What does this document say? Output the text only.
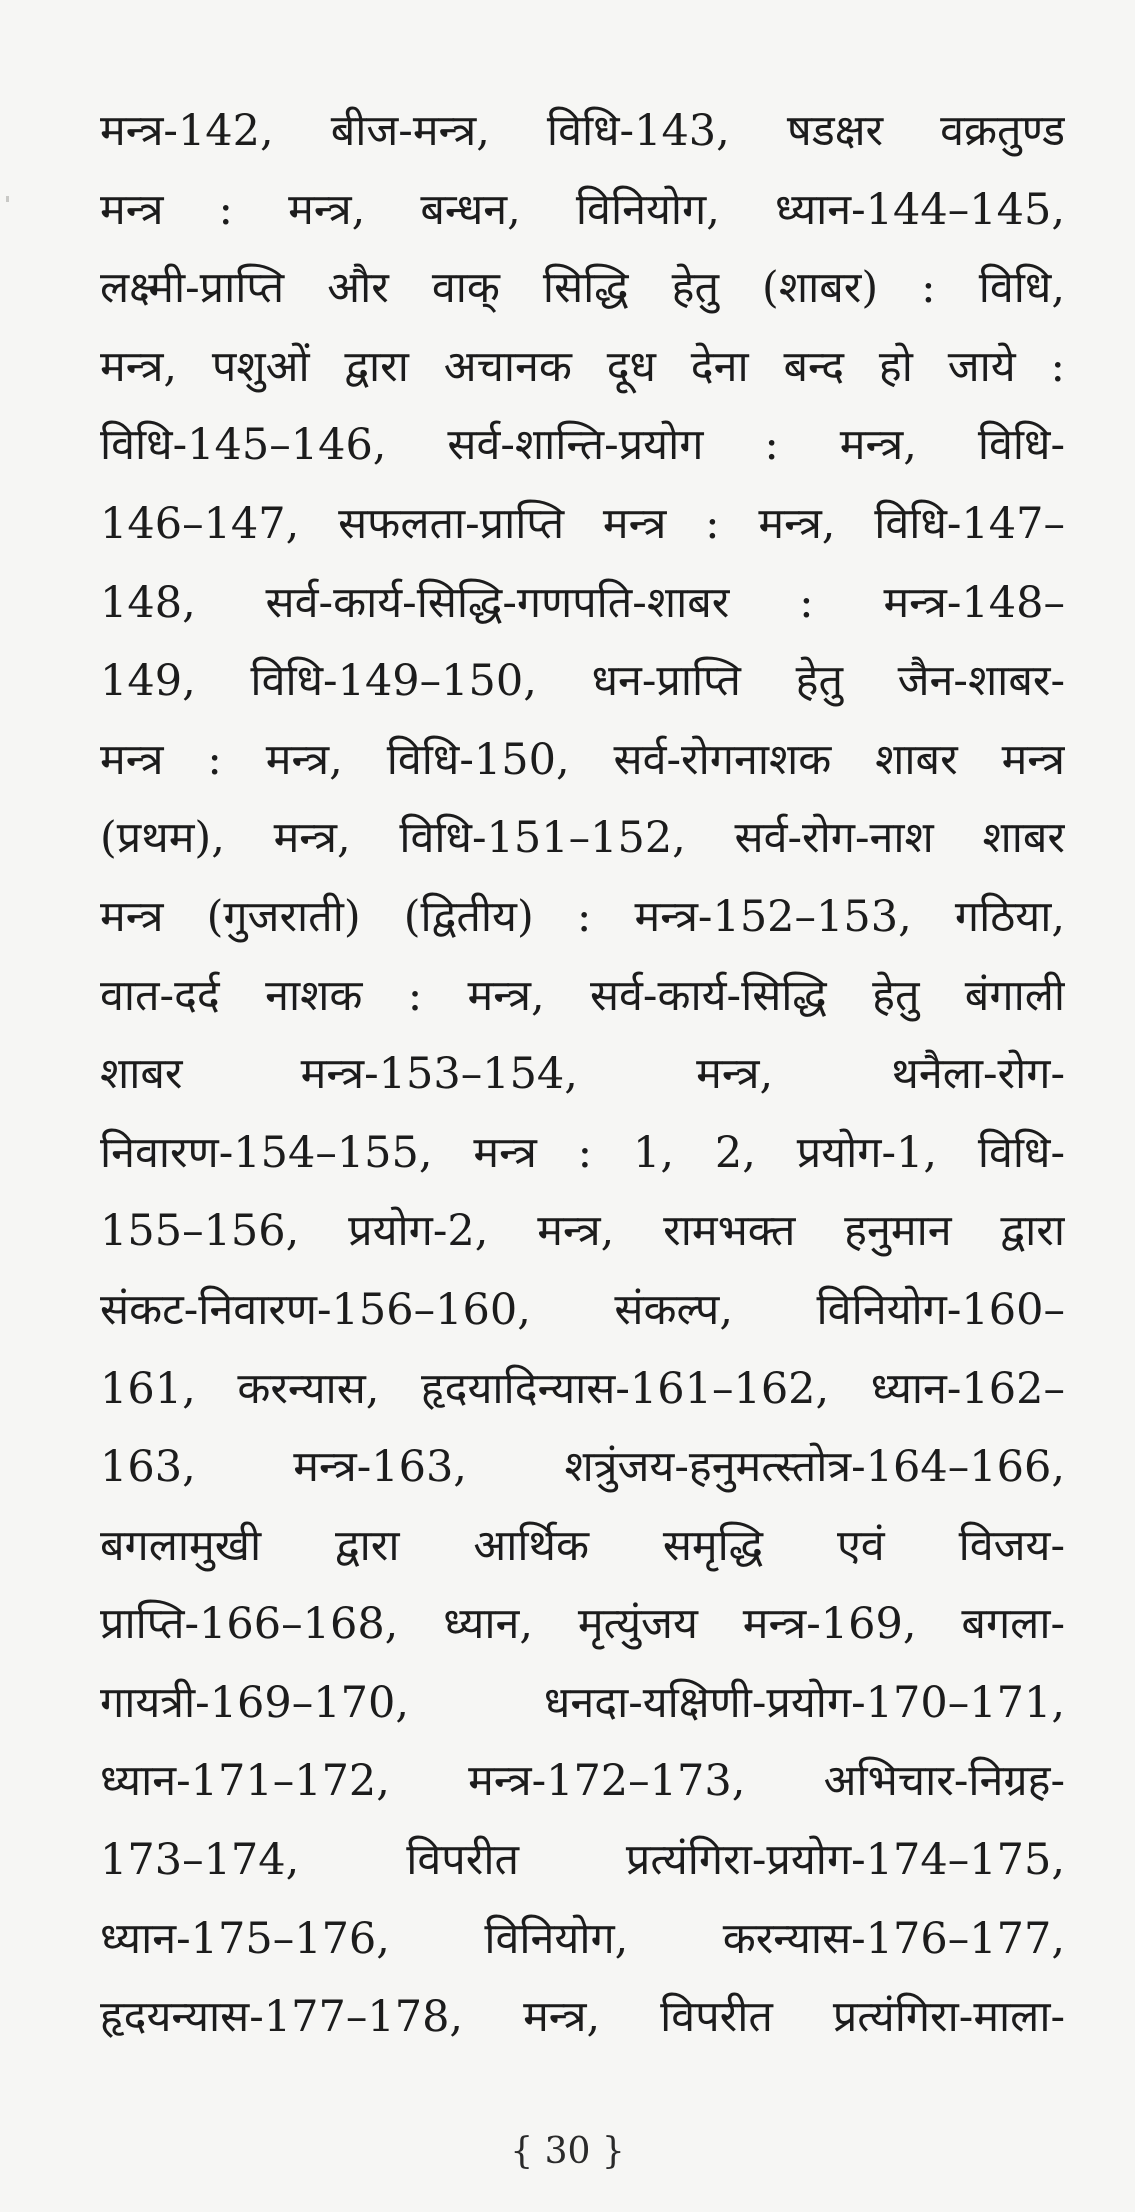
मन्त्र-142, बीज-मन्त्र, विधि-143, षडक्षर वक्रतुण्ड
मन्त्र : मन्त्र, बन्धन, विनियोग, ध्यान-144–145,
लक्ष्मी-प्राप्ति और वाक् सिद्धि हेतु (शाबर) : विधि,
मन्त्र, पशुओं द्वारा अचानक दूध देना बन्द हो जाये :
विधि-145–146, सर्व-शान्ति-प्रयोग : मन्त्र, विधि-
146–147, सफलता-प्राप्ति मन्त्र : मन्त्र, विधि-147–
148, सर्व-कार्य-सिद्धि-गणपति-शाबर : मन्त्र-148–
149, विधि-149–150, धन-प्राप्ति हेतु जैन-शाबर-
मन्त्र : मन्त्र, विधि-150, सर्व-रोगनाशक शाबर मन्त्र
(प्रथम), मन्त्र, विधि-151–152, सर्व-रोग-नाश शाबर
मन्त्र (गुजराती) (द्वितीय) : मन्त्र-152–153, गठिया,
वात-दर्द नाशक : मन्त्र, सर्व-कार्य-सिद्धि हेतु बंगाली
शाबर मन्त्र-153–154, मन्त्र, थनैला-रोग-
निवारण-154–155, मन्त्र : 1, 2, प्रयोग-1, विधि-
155–156, प्रयोग-2, मन्त्र, रामभक्त हनुमान द्वारा
संकट-निवारण-156–160, संकल्प, विनियोग-160–
161, करन्यास, हृदयादिन्यास-161–162, ध्यान-162–
163, मन्त्र-163, शत्रुंजय-हनुमत्स्तोत्र-164–166,
बगलामुखी द्वारा आर्थिक समृद्धि एवं विजय-
प्राप्ति-166–168, ध्यान, मृत्युंजय मन्त्र-169, बगला-
गायत्री-169–170, धनदा-यक्षिणी-प्रयोग-170–171,
ध्यान-171–172, मन्त्र-172–173, अभिचार-निग्रह-
173–174, विपरीत प्रत्यंगिरा-प्रयोग-174–175,
ध्यान-175–176, विनियोग, करन्यास-176–177,
हृदयन्यास-177–178, मन्त्र, विपरीत प्रत्यंगिरा-माला-
{ 30 }
